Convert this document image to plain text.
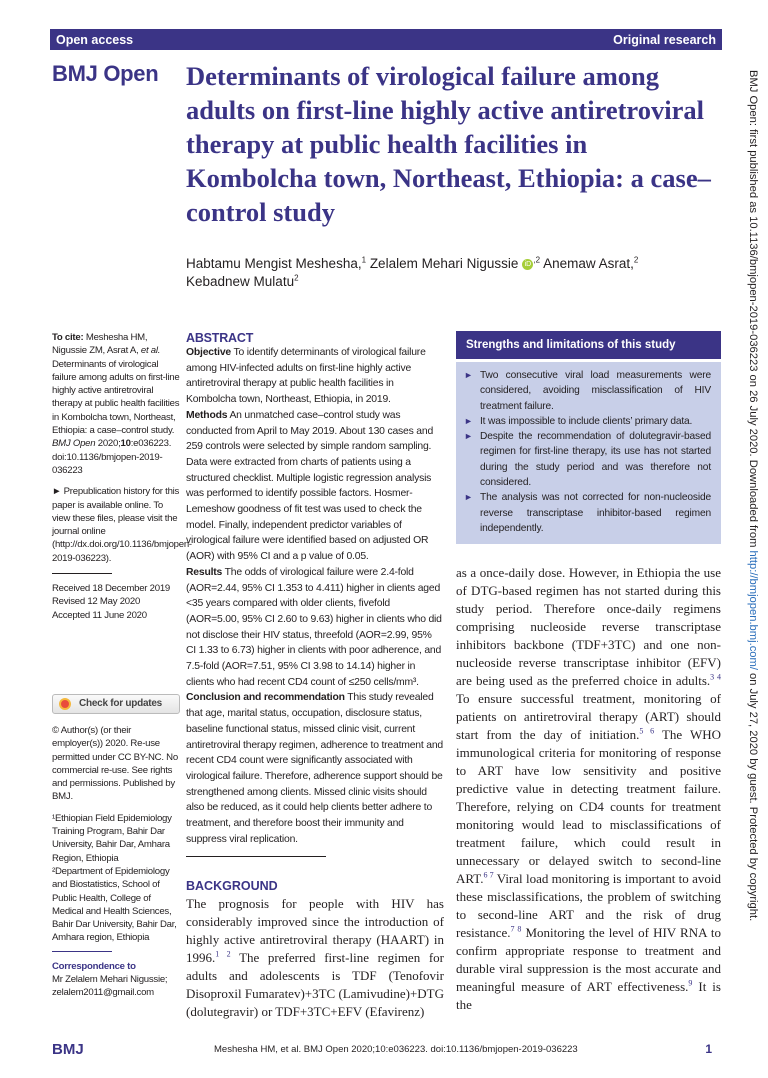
Open access	Original research
BMJ Open	Determinants of virological failure among adults on first-line highly active antiretroviral therapy at public health facilities in Kombolcha town, Northeast, Ethiopia: a case–control study
Habtamu Mengist Meshesha,$^1$ Zelalem Mehari Nigussie iD $^{,2}$ Anemaw Asrat,$^2$
Kebadnew Mulatu$^2$

To cite: Meshesha HM, Nigussie ZM, Asrat A, et al. Determinants of virological failure among adults on first-line highly active antiretroviral therapy at public health facilities in Kombolcha town, Northeast, Ethiopia: a case–control study. BMJ Open 2020;10:e036223. doi:10.1136/bmjopen-2019-036223

► Prepublication history for this paper is available online. To view these files, please visit the journal online (http://dx.doi.org/10.1136/bmjopen-2019-036223).

Received 18 December 2019
Revised 12 May 2020
Accepted 11 June 2020
Check for updates

© Author(s) (or their employer(s)) 2020. Re-use permitted under CC BY-NC. No commercial re-use. See rights and permissions. Published by BMJ.

¹Ethiopian Field Epidemiology Training Program, Bahir Dar University, Bahir Dar, Amhara Region, Ethiopia
²Department of Epidemiology and Biostatistics, School of Public Health, College of Medical and Health Sciences, Bahir Dar University, Bahir Dar, Amhara region, Ethiopia
Correspondence to
Mr Zelalem Mehari Nigussie;
zelalem2011@gmail.com
ABSTRACT

Objective To identify determinants of virological failure among HIV-infected adults on first-line highly active antiretroviral therapy at public health facilities in Kombolcha town, Northeast, Ethiopia, in 2019.

Methods An unmatched case–control study was conducted from April to May 2019. About 130 cases and 259 controls were selected by simple random sampling. Data were extracted from charts of patients using a structured checklist. Multiple logistic regression analysis was performed to identify possible factors. Hosmer-Lemeshow goodness of fit test was used to check the model. Finally, independent predictor variables of virological failure were identified based on adjusted OR (AOR) with 95% CI and a p value of 0.05.

Results The odds of virological failure were 2.4-fold (AOR=2.44, 95% CI 1.353 to 4.411) higher in clients aged <35 years compared with older clients, fivefold (AOR=5.00, 95% CI 2.60 to 9.63) higher in clients who did not disclose their HIV status, threefold (AOR=2.99, 95% CI 1.33 to 6.73) higher in clients with poor adherence, and 7.5-fold (AOR=7.51, 95% CI 3.98 to 14.14) higher in clients who had recent CD4 count of ≤250 cells/mm³.

Conclusion and recommendation This study revealed that age, marital status, occupation, disclosure status, baseline functional status, missed clinic visit, current antiretroviral therapy regimen, adherence to treatment and recent CD4 count were significantly associated with virological failure. Therefore, adherence support should be strengthened among clients. Missed clinic visits should also be reduced, as it could help clients better adhere to treatment, and therefore boost their immunity and suppress viral replication.

BACKGROUND

The prognosis for people with HIV has considerably improved since the introduction of highly active antiretroviral therapy (HAART) in 1996.$^{1 2}$ The preferred first-line regimen for adults and adolescents is TDF (Tenofovir Disoproxil Fumaratev)+3TC (Lamivudine)+DTG (dolutegravir) or TDF+3TC+EFV (Efavirenz)

Strengths and limitations of this study
► Two consecutive viral load measurements were considered, avoiding misclassification of HIV treatment failure.
► It was impossible to include clients’ primary data.
► Despite the recommendation of dolutegravir-based regimen for first-line therapy, its use has not started during the study period and was therefore not considered.
► The analysis was not corrected for non-nucleoside reverse transcriptase inhibitor-based regimen independently.

as a once-daily dose. However, in Ethiopia the use of DTG-based regimen has not started during this study period. Therefore once-daily regimens comprising nucleoside reverse transcriptase inhibitors backbone (TDF+3TC) and one non-nucleoside reverse transcriptase inhibitor (EFV) are being used as the preferred choice in adults.$^{3 4}$ To ensure successful treatment, monitoring of patients on antiretroviral therapy (ART) should start from the day of initiation.$^{5 6}$ The WHO immunological criteria for monitoring of response to ART have low sensitivity and positive predictive value in detecting treatment failure. Therefore, relying on CD4 counts for treatment monitoring would lead to misclassifications of treatment failure, which could result in unnecessary or delayed switch to second-line ART.$^{6 7}$ Viral load monitoring is important to avoid these misclassifications, the problem of switching to second-line ART and the risk of drug resistance.$^{7 8}$ Monitoring the level of HIV RNA to confirm appropriate response to treatment and durable viral suppression is the most accurate and meaningful measure of ART effectiveness.$^9$ It is the

BMJ	Meshesha HM, et al. BMJ Open 2020;10:e036223. doi:10.1136/bmjopen-2019-036223	1
BMJ Open: first published as 10.1136/bmjopen-2019-036223 on 26 July 2020. Downloaded from http://bmjopen.bmj.com/ on July 27, 2020 by guest. Protected by copyright.
